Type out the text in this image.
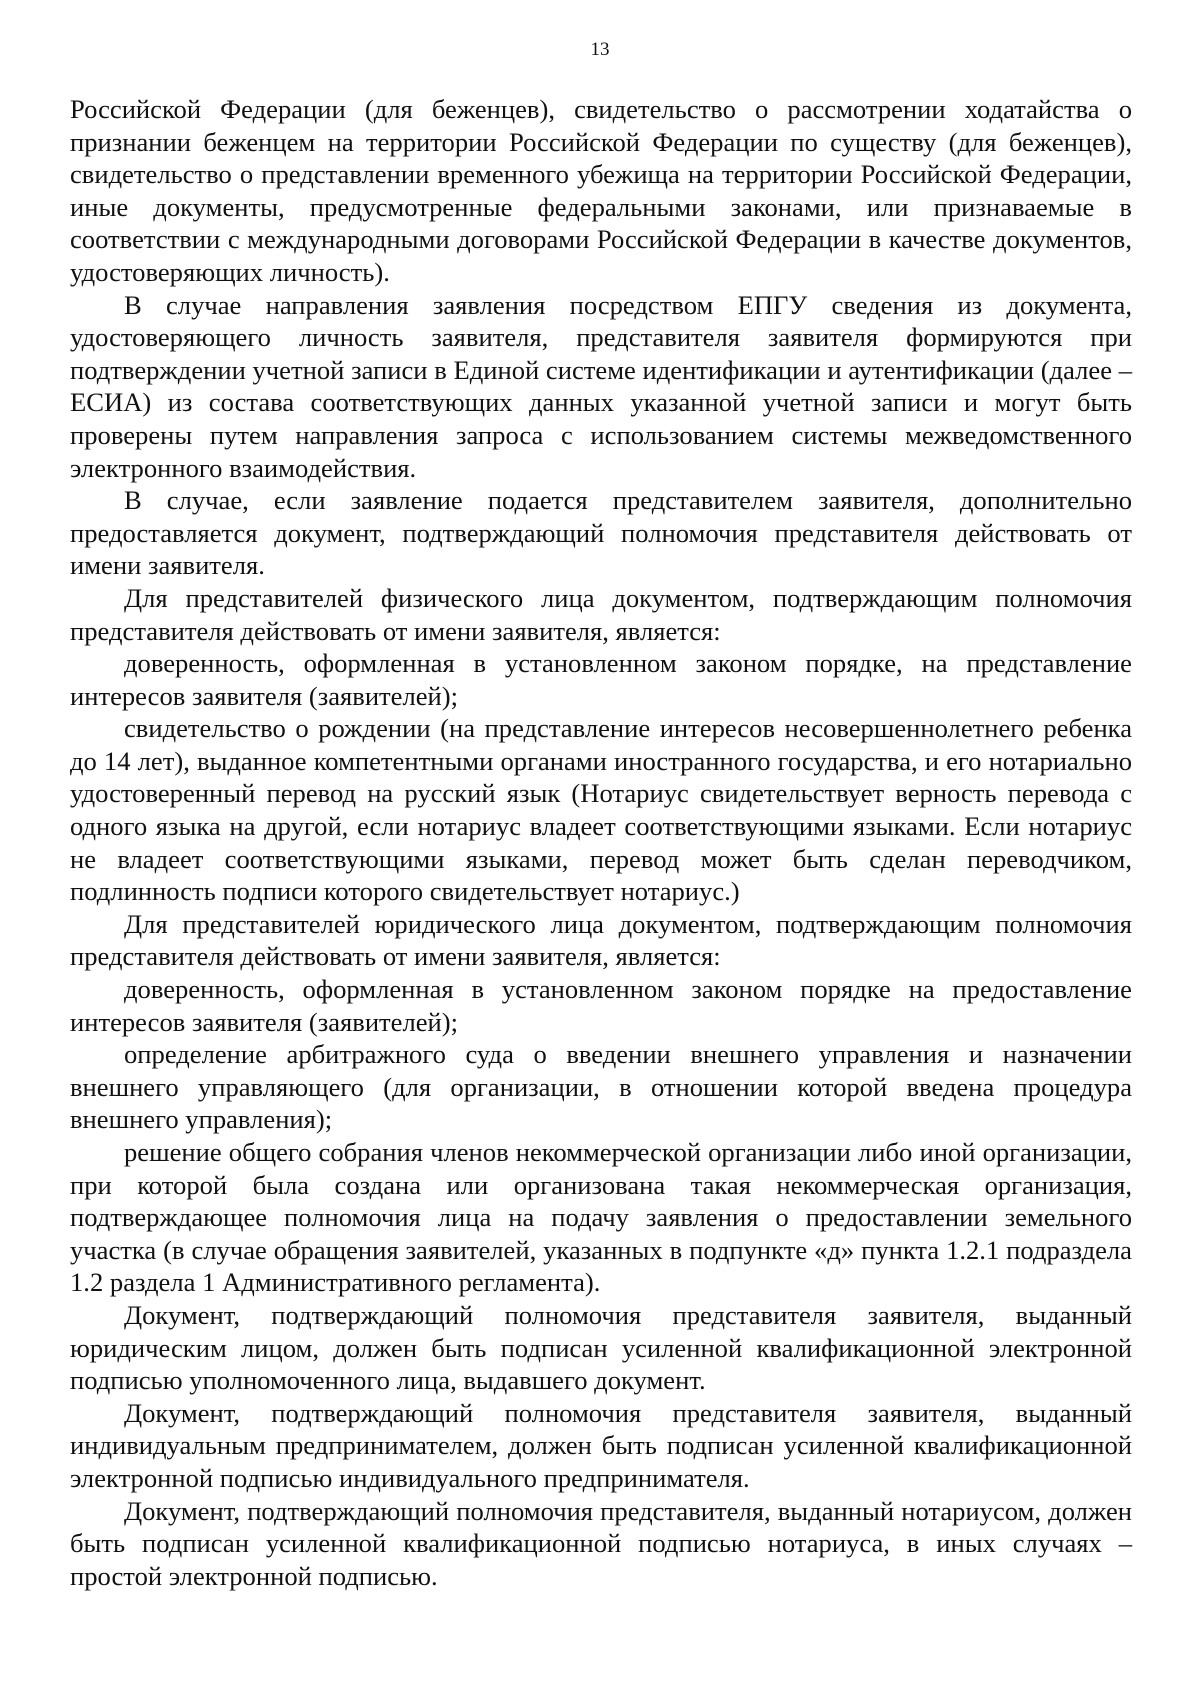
13

Российской Федерации (для беженцев), свидетельство о рассмотрении ходатайства о признании беженцем на территории Российской Федерации по существу (для беженцев), свидетельство о представлении временного убежища на территории Российской Федерации, иные документы, предусмотренные федеральными законами, или признаваемые в соответствии с международными договорами Российской Федерации в качестве документов, удостоверяющих личность).

В случае направления заявления посредством ЕПГУ сведения из документа, удостоверяющего личность заявителя, представителя заявителя формируются при подтверждении учетной записи в Единой системе идентификации и аутентификации (далее – ЕСИА) из состава соответствующих данных указанной учетной записи и могут быть проверены путем направления запроса с использованием системы межведомственного электронного взаимодействия.

В случае, если заявление подается представителем заявителя, дополнительно предоставляется документ, подтверждающий полномочия представителя действовать от имени заявителя.

Для представителей физического лица документом, подтверждающим полномочия представителя действовать от имени заявителя, является:

доверенность, оформленная в установленном законом порядке, на представление интересов заявителя (заявителей);

свидетельство о рождении (на представление интересов несовершеннолетнего ребенка до 14 лет), выданное компетентными органами иностранного государства, и его нотариально удостоверенный перевод на русский язык (Нотариус свидетельствует верность перевода с одного языка на другой, если нотариус владеет соответствующими языками. Если нотариус не владеет соответствующими языками, перевод может быть сделан переводчиком, подлинность подписи которого свидетельствует нотариус.)

Для представителей юридического лица документом, подтверждающим полномочия представителя действовать от имени заявителя, является:

доверенность, оформленная в установленном законом порядке на предоставление интересов заявителя (заявителей);

определение арбитражного суда о введении внешнего управления и назначении внешнего управляющего (для организации, в отношении которой введена процедура внешнего управления);

решение общего собрания членов некоммерческой организации либо иной организации, при которой была создана или организована такая некоммерческая организация, подтверждающее полномочия лица на подачу заявления о предоставлении земельного участка (в случае обращения заявителей, указанных в подпункте «д» пункта 1.2.1 подраздела 1.2 раздела 1 Административного регламента).

Документ, подтверждающий полномочия представителя заявителя, выданный юридическим лицом, должен быть подписан усиленной квалификационной электронной подписью уполномоченного лица, выдавшего документ.

Документ, подтверждающий полномочия представителя заявителя, выданный индивидуальным предпринимателем, должен быть подписан усиленной квалификационной электронной подписью индивидуального предпринимателя.

Документ, подтверждающий полномочия представителя, выданный нотариусом, должен быть подписан усиленной квалификационной подписью нотариуса, в иных случаях – простой электронной подписью.
